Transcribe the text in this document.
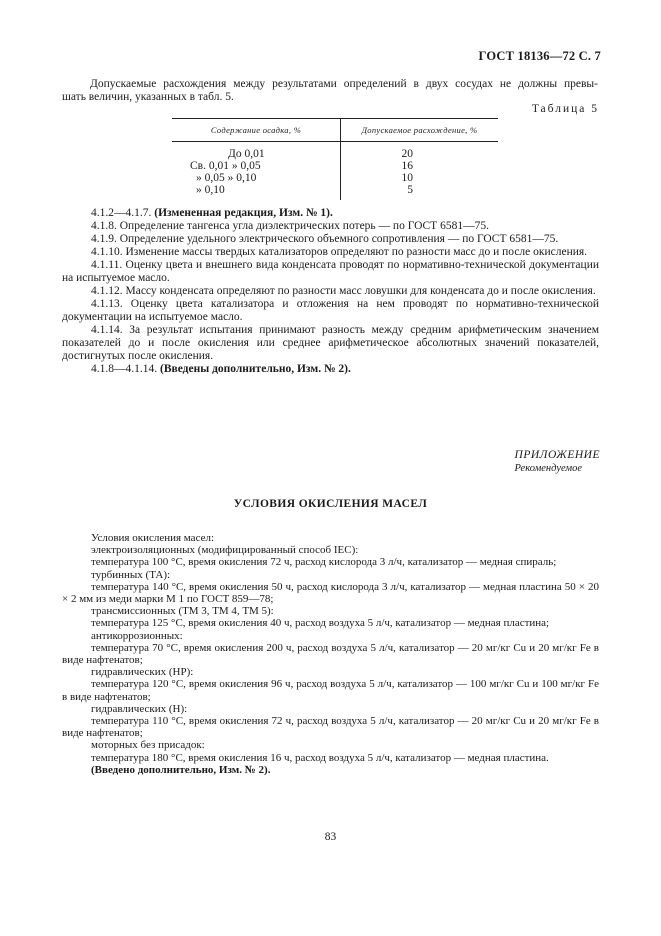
ГОСТ 18136—72 С. 7

Допускаемые расхождения между результатами определений в двух сосудах не должны превы-

шать величин, указанных в табл. 5.

Таблица 5
Содержание осадка, %	Допускаемое расхождение, %
До 0,01	20
Св. 0,01 » 0,05	16
» 0,05 » 0,10	10
» 0,10	5

4.1.2—4.1.7. (Измененная редакция, Изм. № 1).

4.1.8. Определение тангенса угла диэлектрических потерь — по ГОСТ 6581—75.

4.1.9. Определение удельного электрического объемного сопротивления — по ГОСТ 6581—75.

4.1.10. Изменение массы твердых катализаторов определяют по разности масс до и после окисления.

4.1.11. Оценку цвета и внешнего вида конденсата проводят по нормативно-технической документации на испытуемое масло.

4.1.12. Массу конденсата определяют по разности масс ловушки для конденсата до и после окисления.

4.1.13. Оценку цвета катализатора и отложения на нем проводят по нормативно-технической документации на испытуемое масло.

4.1.14. За результат испытания принимают разность между средним арифметическим значением показателей до и после окисления или среднее арифметическое абсолютных значений показателей, достигнутых после окисления.

4.1.8—4.1.14. (Введены дополнительно, Изм. № 2).

ПРИЛОЖЕНИЕ
Рекомендуемое
УСЛОВИЯ ОКИСЛЕНИЯ МАСЕЛ

Условия окисления масел:

электроизоляционных (модифицированный способ IEC):

температура 100 °С, время окисления 72 ч, расход кислорода 3 л/ч, катализатор — медная спираль;

турбинных (ТА):

температура 140 °С, время окисления 50 ч, расход кислорода 3 л/ч, катализатор — медная пластина 50 × 20 × 2 мм из меди марки М 1 по ГОСТ 859—78;

трансмиссионных (ТМ 3, ТМ 4, ТМ 5):

температура 125 °С, время окисления 40 ч, расход воздуха 5 л/ч, катализатор — медная пластина;

антикоррозионных:

температура 70 °С, время окисления 200 ч, расход воздуха 5 л/ч, катализатор — 20 мг/кг Cu и 20 мг/кг Fe в виде нафтенатов;

гидравлических (НР):

температура 120 °С, время окисления 96 ч, расход воздуха 5 л/ч, катализатор — 100 мг/кг Cu и 100 мг/кг Fe в виде нафтенатов;

гидравлических (Н):

температура 110 °С, время окисления 72 ч, расход воздуха 5 л/ч, катализатор — 20 мг/кг Cu и 20 мг/кг Fe в виде нафтенатов;

моторных без присадок:

температура 180 °С, время окисления 16 ч, расход воздуха 5 л/ч, катализатор — медная пластина.

(Введено дополнительно, Изм. № 2).

83
